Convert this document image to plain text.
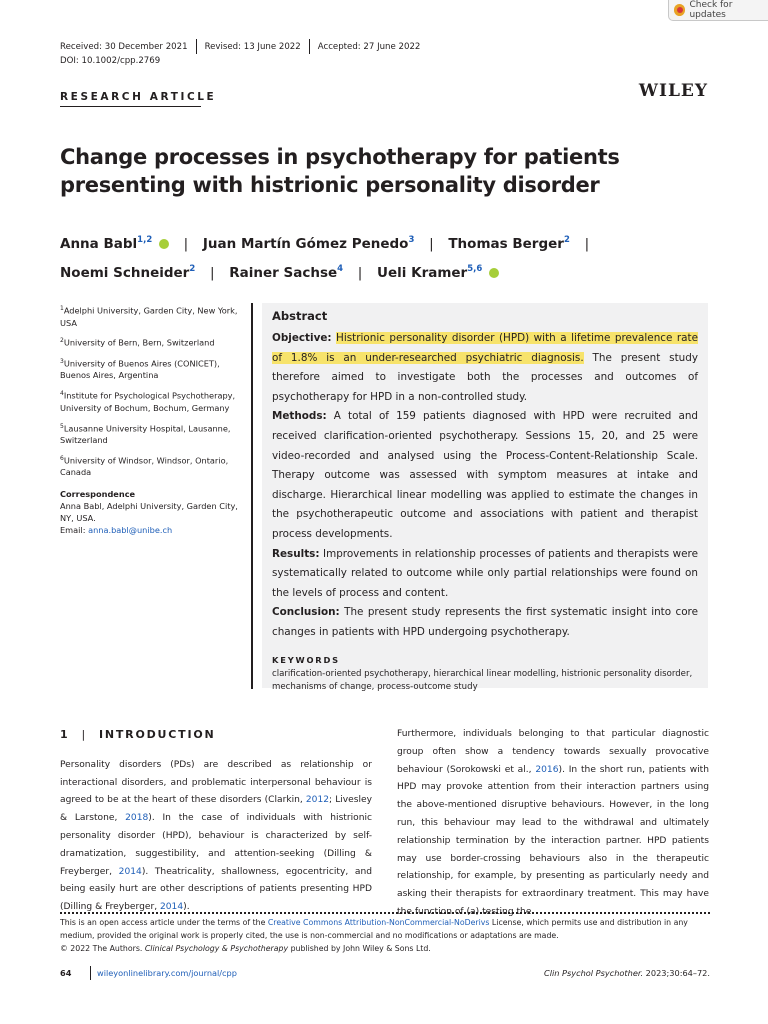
Check for updates
Received: 30 December 2021 Revised: 13 June 2022 Accepted: 27 June 2022
DOI: 10.1002/cpp.2769
RESEARCH ARTICLE	WILEY
Change processes in psychotherapy for patients presenting with histrionic personality disorder
Anna Babl$^{1,2}$ iD | Juan Martín Gómez Penedo$^3$ | Thomas Berger$^2$ |
Noemi Schneider$^2$ | Rainer Sachse$^4$ | Ueli Kramer$^{5,6}$ iD
$^1$Adelphi University, Garden City, New York, USA
$^2$University of Bern, Bern, Switzerland
$^3$University of Buenos Aires (CONICET), Buenos Aires, Argentina
$^4$Institute for Psychological Psychotherapy, University of Bochum, Bochum, Germany
$^5$Lausanne University Hospital, Lausanne, Switzerland
$^6$University of Windsor, Windsor, Ontario, Canada
Correspondence
Anna Babl, Adelphi University, Garden City, NY, USA.
Email: anna.babl@unibe.ch
Abstract
Objective: Histrionic personality disorder (HPD) with a lifetime prevalence rate of 1.8% is an under-researched psychiatric diagnosis. The present study therefore aimed to investigate both the processes and outcomes of psychotherapy for HPD in a non-controlled study.
Methods: A total of 159 patients diagnosed with HPD were recruited and received clarification-oriented psychotherapy. Sessions 15, 20, and 25 were video-recorded and analysed using the Process-Content-Relationship Scale. Therapy outcome was assessed with symptom measures at intake and discharge. Hierarchical linear modelling was applied to estimate the changes in the psychotherapeutic outcome and associations with patient and therapist process developments.
Results: Improvements in relationship processes of patients and therapists were systematically related to outcome while only partial relationships were found on the levels of process and content.
Conclusion: The present study represents the first systematic insight into core changes in patients with HPD undergoing psychotherapy.
KEYWORDS
clarification-oriented psychotherapy, hierarchical linear modelling, histrionic personality disorder, mechanisms of change, process-outcome study
1 | INTRODUCTION

Personality disorders (PDs) are described as relationship or interactional disorders, and problematic interpersonal behaviour is agreed to be at the heart of these disorders (Clarkin, 2012; Livesley & Larstone, 2018). In the case of individuals with histrionic personality disorder (HPD), behaviour is characterized by self-dramatization, suggestibility, and attention-seeking (Dilling & Freyberger, 2014). Theatricality, shallowness, egocentricity, and being easily hurt are other descriptions of patients presenting HPD (Dilling & Freyberger, 2014).

Furthermore, individuals belonging to that particular diagnostic group often show a tendency towards sexually provocative behaviour (Sorokowski et al., 2016). In the short run, patients with HPD may provoke attention from their interaction partners using the above-mentioned disruptive behaviours. However, in the long run, this behaviour may lead to the withdrawal and ultimately relationship termination by the interaction partner. HPD patients may use border-crossing behaviours also in the therapeutic relationship, for example, by presenting as particularly needy and asking their therapists for extraordinary treatment. This may have the function of (a) testing the

This is an open access article under the terms of the Creative Commons Attribution-NonCommercial-NoDerivs License, which permits use and distribution in any medium, provided the original work is properly cited, the use is non-commercial and no modifications or adaptations are made.
© 2022 The Authors. Clinical Psychology & Psychotherapy published by John Wiley & Sons Ltd.
64	wileyonlinelibrary.com/journal/cpp	Clin Psychol Psychother. 2023;30:64–72.
